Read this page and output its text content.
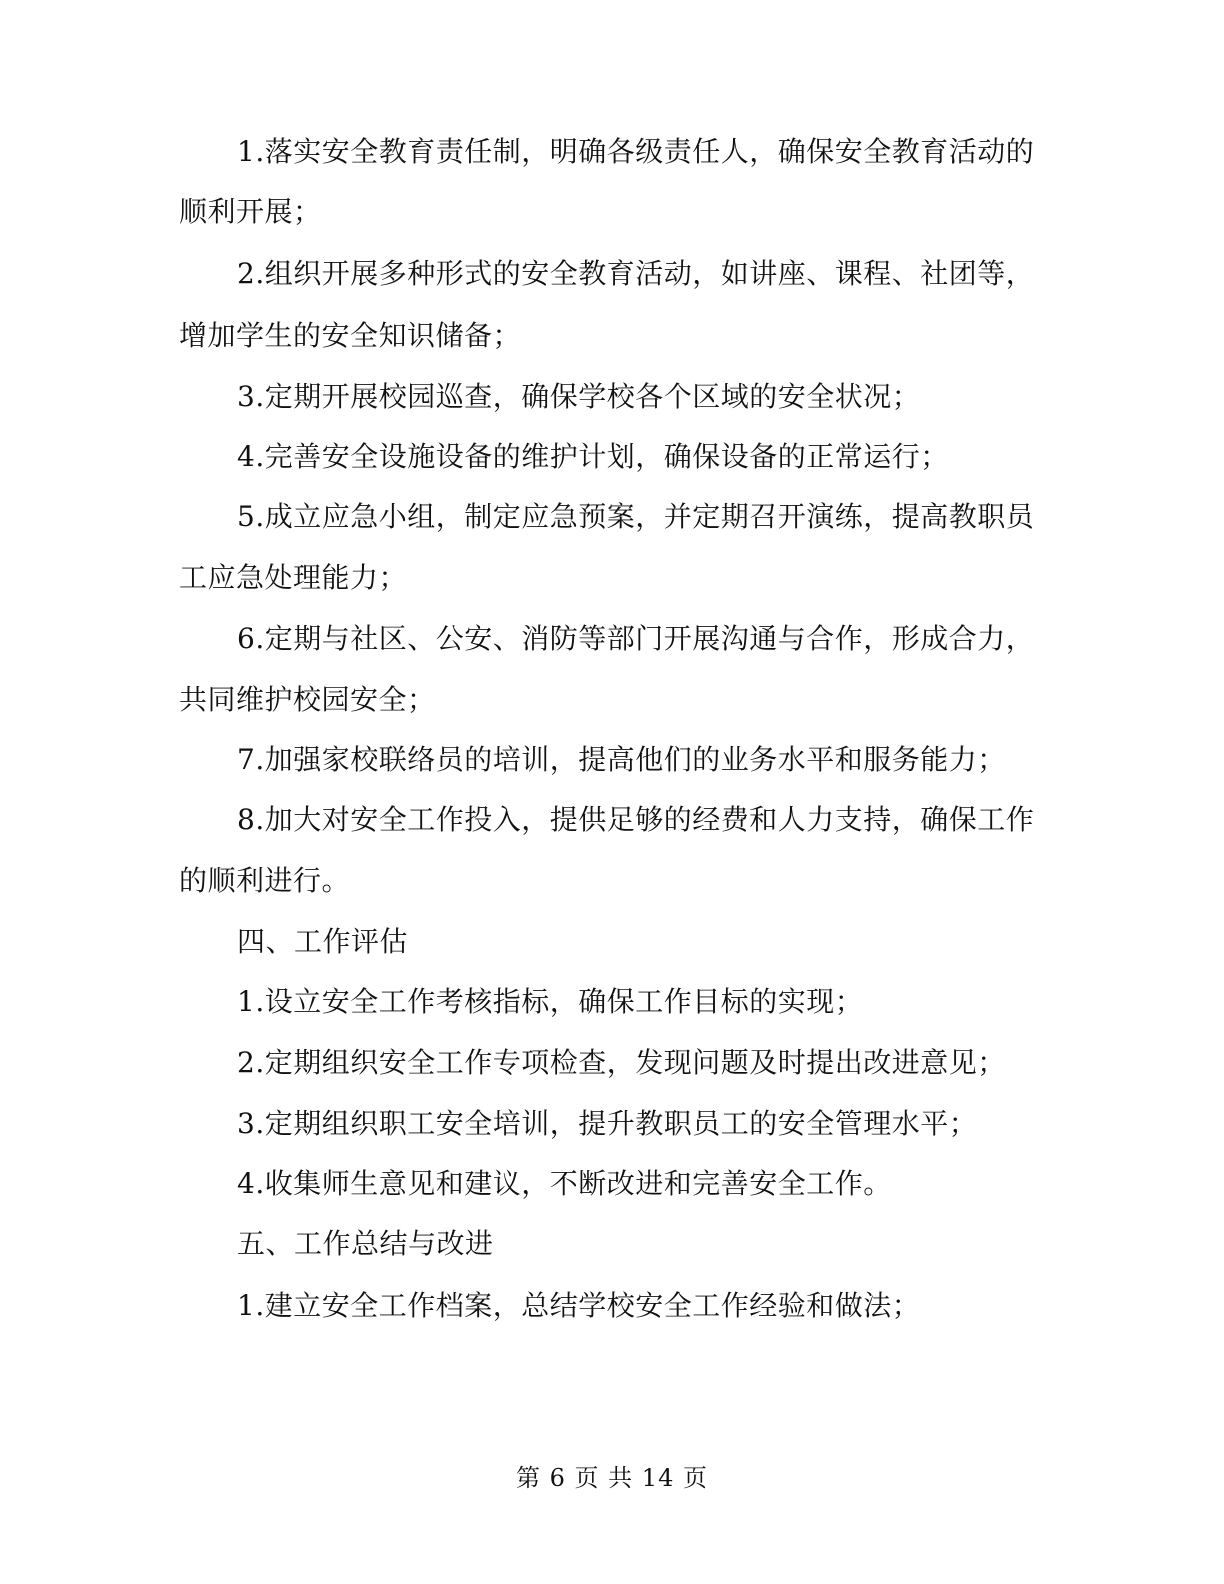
1.落实安全教育责任制，明确各级责任人，确保安全教育活动的
顺利开展；
2.组织开展多种形式的安全教育活动，如讲座、课程、社团等，
增加学生的安全知识储备；
3.定期开展校园巡查，确保学校各个区域的安全状况；
4.完善安全设施设备的维护计划，确保设备的正常运行；
5.成立应急小组，制定应急预案，并定期召开演练，提高教职员
工应急处理能力；
6.定期与社区、公安、消防等部门开展沟通与合作，形成合力，
共同维护校园安全；
7.加强家校联络员的培训，提高他们的业务水平和服务能力；
8.加大对安全工作投入，提供足够的经费和人力支持，确保工作
的顺利进行。
四、工作评估
1.设立安全工作考核指标，确保工作目标的实现；
2.定期组织安全工作专项检查，发现问题及时提出改进意见；
3.定期组织职工安全培训，提升教职员工的安全管理水平；
4.收集师生意见和建议，不断改进和完善安全工作。
五、工作总结与改进
1.建立安全工作档案，总结学校安全工作经验和做法；
第 6 页 共 14 页
